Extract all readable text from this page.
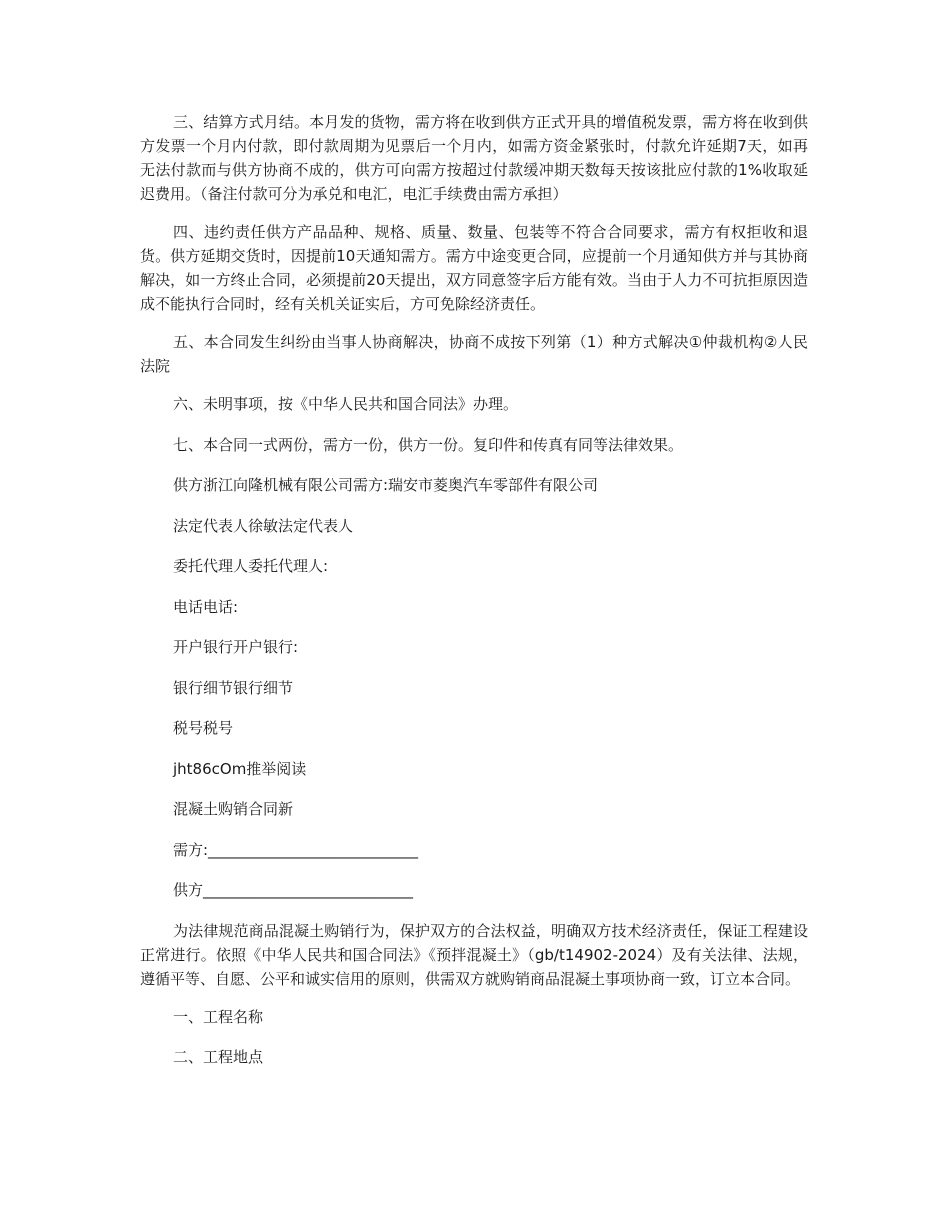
三、结算方式月结。本月发的货物，需方将在收到供方正式开具的增值税发票，需方将在收到供方发票一个月内付款，即付款周期为见票后一个月内，如需方资金紧张时，付款允许延期7天，如再无法付款而与供方协商不成的，供方可向需方按超过付款缓冲期天数每天按该批应付款的1%收取延迟费用。（备注付款可分为承兑和电汇，电汇手续费由需方承担）

四、违约责任供方产品品种、规格、质量、数量、包装等不符合合同要求，需方有权拒收和退货。供方延期交货时，因提前10天通知需方。需方中途变更合同，应提前一个月通知供方并与其协商解决，如一方终止合同，必须提前20天提出，双方同意签字后方能有效。当由于人力不可抗拒原因造成不能执行合同时，经有关机关证实后，方可免除经济责任。

五、本合同发生纠纷由当事人协商解决，协商不成按下列第（1）种方式解决①仲裁机构②人民法院

六、未明事项，按《中华人民共和国合同法》办理。

七、本合同一式两份，需方一份，供方一份。复印件和传真有同等法律效果。

供方浙江向隆机械有限公司需方:瑞安市菱奥汽车零部件有限公司

法定代表人徐敏法定代表人

委托代理人委托代理人:

电话电话:

开户银行开户银行:

银行细节银行细节

税号税号

jht86cOm推举阅读

混凝土购销合同新

需方:____________________________

供方____________________________

为法律规范商品混凝土购销行为，保护双方的合法权益，明确双方技术经济责任，保证工程建设正常进行。依照《中华人民共和国合同法》《预拌混凝土》（gb/t14902-2024）及有关法律、法规，遵循平等、自愿、公平和诚实信用的原则，供需双方就购销商品混凝土事项协商一致，订立本合同。

一、工程名称

二、工程地点
